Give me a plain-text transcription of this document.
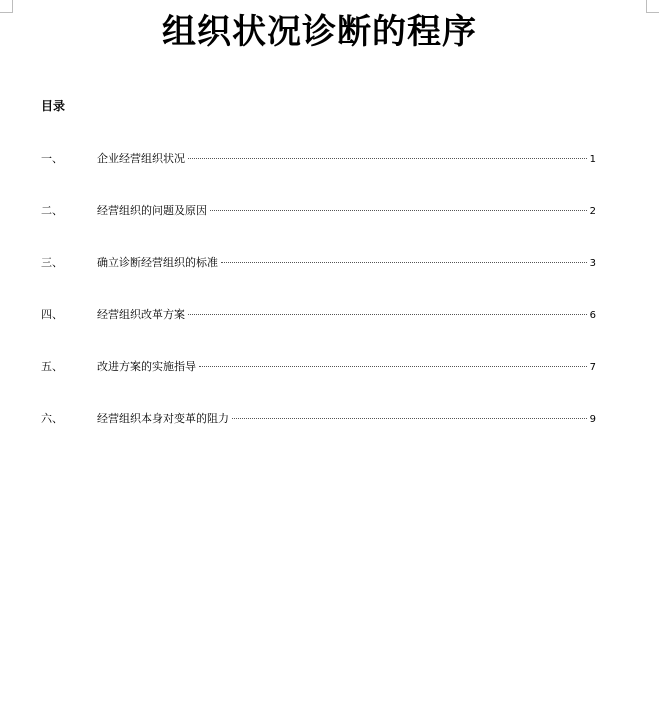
组织状况诊断的程序
目录
一、	企业经营组织状况	1
二、	经营组织的问题及原因	2
三、	确立诊断经营组织的标准	3
四、	经营组织改革方案	6
五、	改进方案的实施指导	7
六、	经营组织本身对变革的阻力	9
